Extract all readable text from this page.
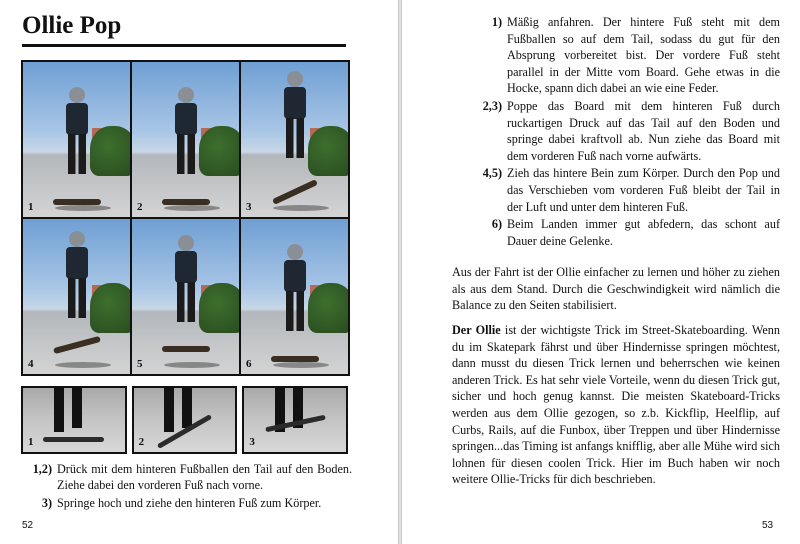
Ollie Pop
1	2	3
4	5	6
1	2	3
1,2) Drück mit dem hinteren Fußballen den Tail auf den Boden. Ziehe dabei den vorderen Fuß nach vorne.
3) Springe hoch und ziehe den hinteren Fuß zum Körper.
52
1) Mäßig anfahren. Der hintere Fuß steht mit dem Fußballen so auf dem Tail, sodass du gut für den Absprung vorbereitet bist. Der vordere Fuß steht parallel in der Mitte vom Board. Gehe etwas in die Hocke, spann dich dabei an wie eine Feder.
2,3) Poppe das Board mit dem hinteren Fuß durch ruckartigen Druck auf das Tail auf den Boden und springe dabei kraftvoll ab. Nun ziehe das Board mit dem vorderen Fuß nach vorne aufwärts.
4,5) Zieh das hintere Bein zum Körper. Durch den Pop und das Verschieben vom vorderen Fuß bleibt der Tail in der Luft und unter dem hinteren Fuß.
6) Beim Landen immer gut abfedern, das schont auf Dauer deine Gelenke.

Aus der Fahrt ist der Ollie einfacher zu lernen und höher zu ziehen als aus dem Stand. Durch die Geschwindigkeit wird nämlich die Balance zu den Seiten stabilisiert.

Der Ollie ist der wichtigste Trick im Street-Skateboarding. Wenn du im Skatepark fährst und über Hindernisse springen möchtest, dann musst du diesen Trick lernen und beherrschen wie keinen anderen Trick. Es hat sehr viele Vorteile, wenn du diesen Trick gut, sicher und hoch genug kannst. Die meisten Skateboard-Tricks werden aus dem Ollie gezogen, so z.b. Kickflip, Heelflip, auf Curbs, Rails, auf die Funbox, über Treppen und über Hindernisse springen...das Timing ist anfangs knifflig, aber alle Mühe wird sich lohnen für diesen coolen Trick. Hier im Buch haben wir noch weitere Ollie-Tricks für dich beschrieben.

53
